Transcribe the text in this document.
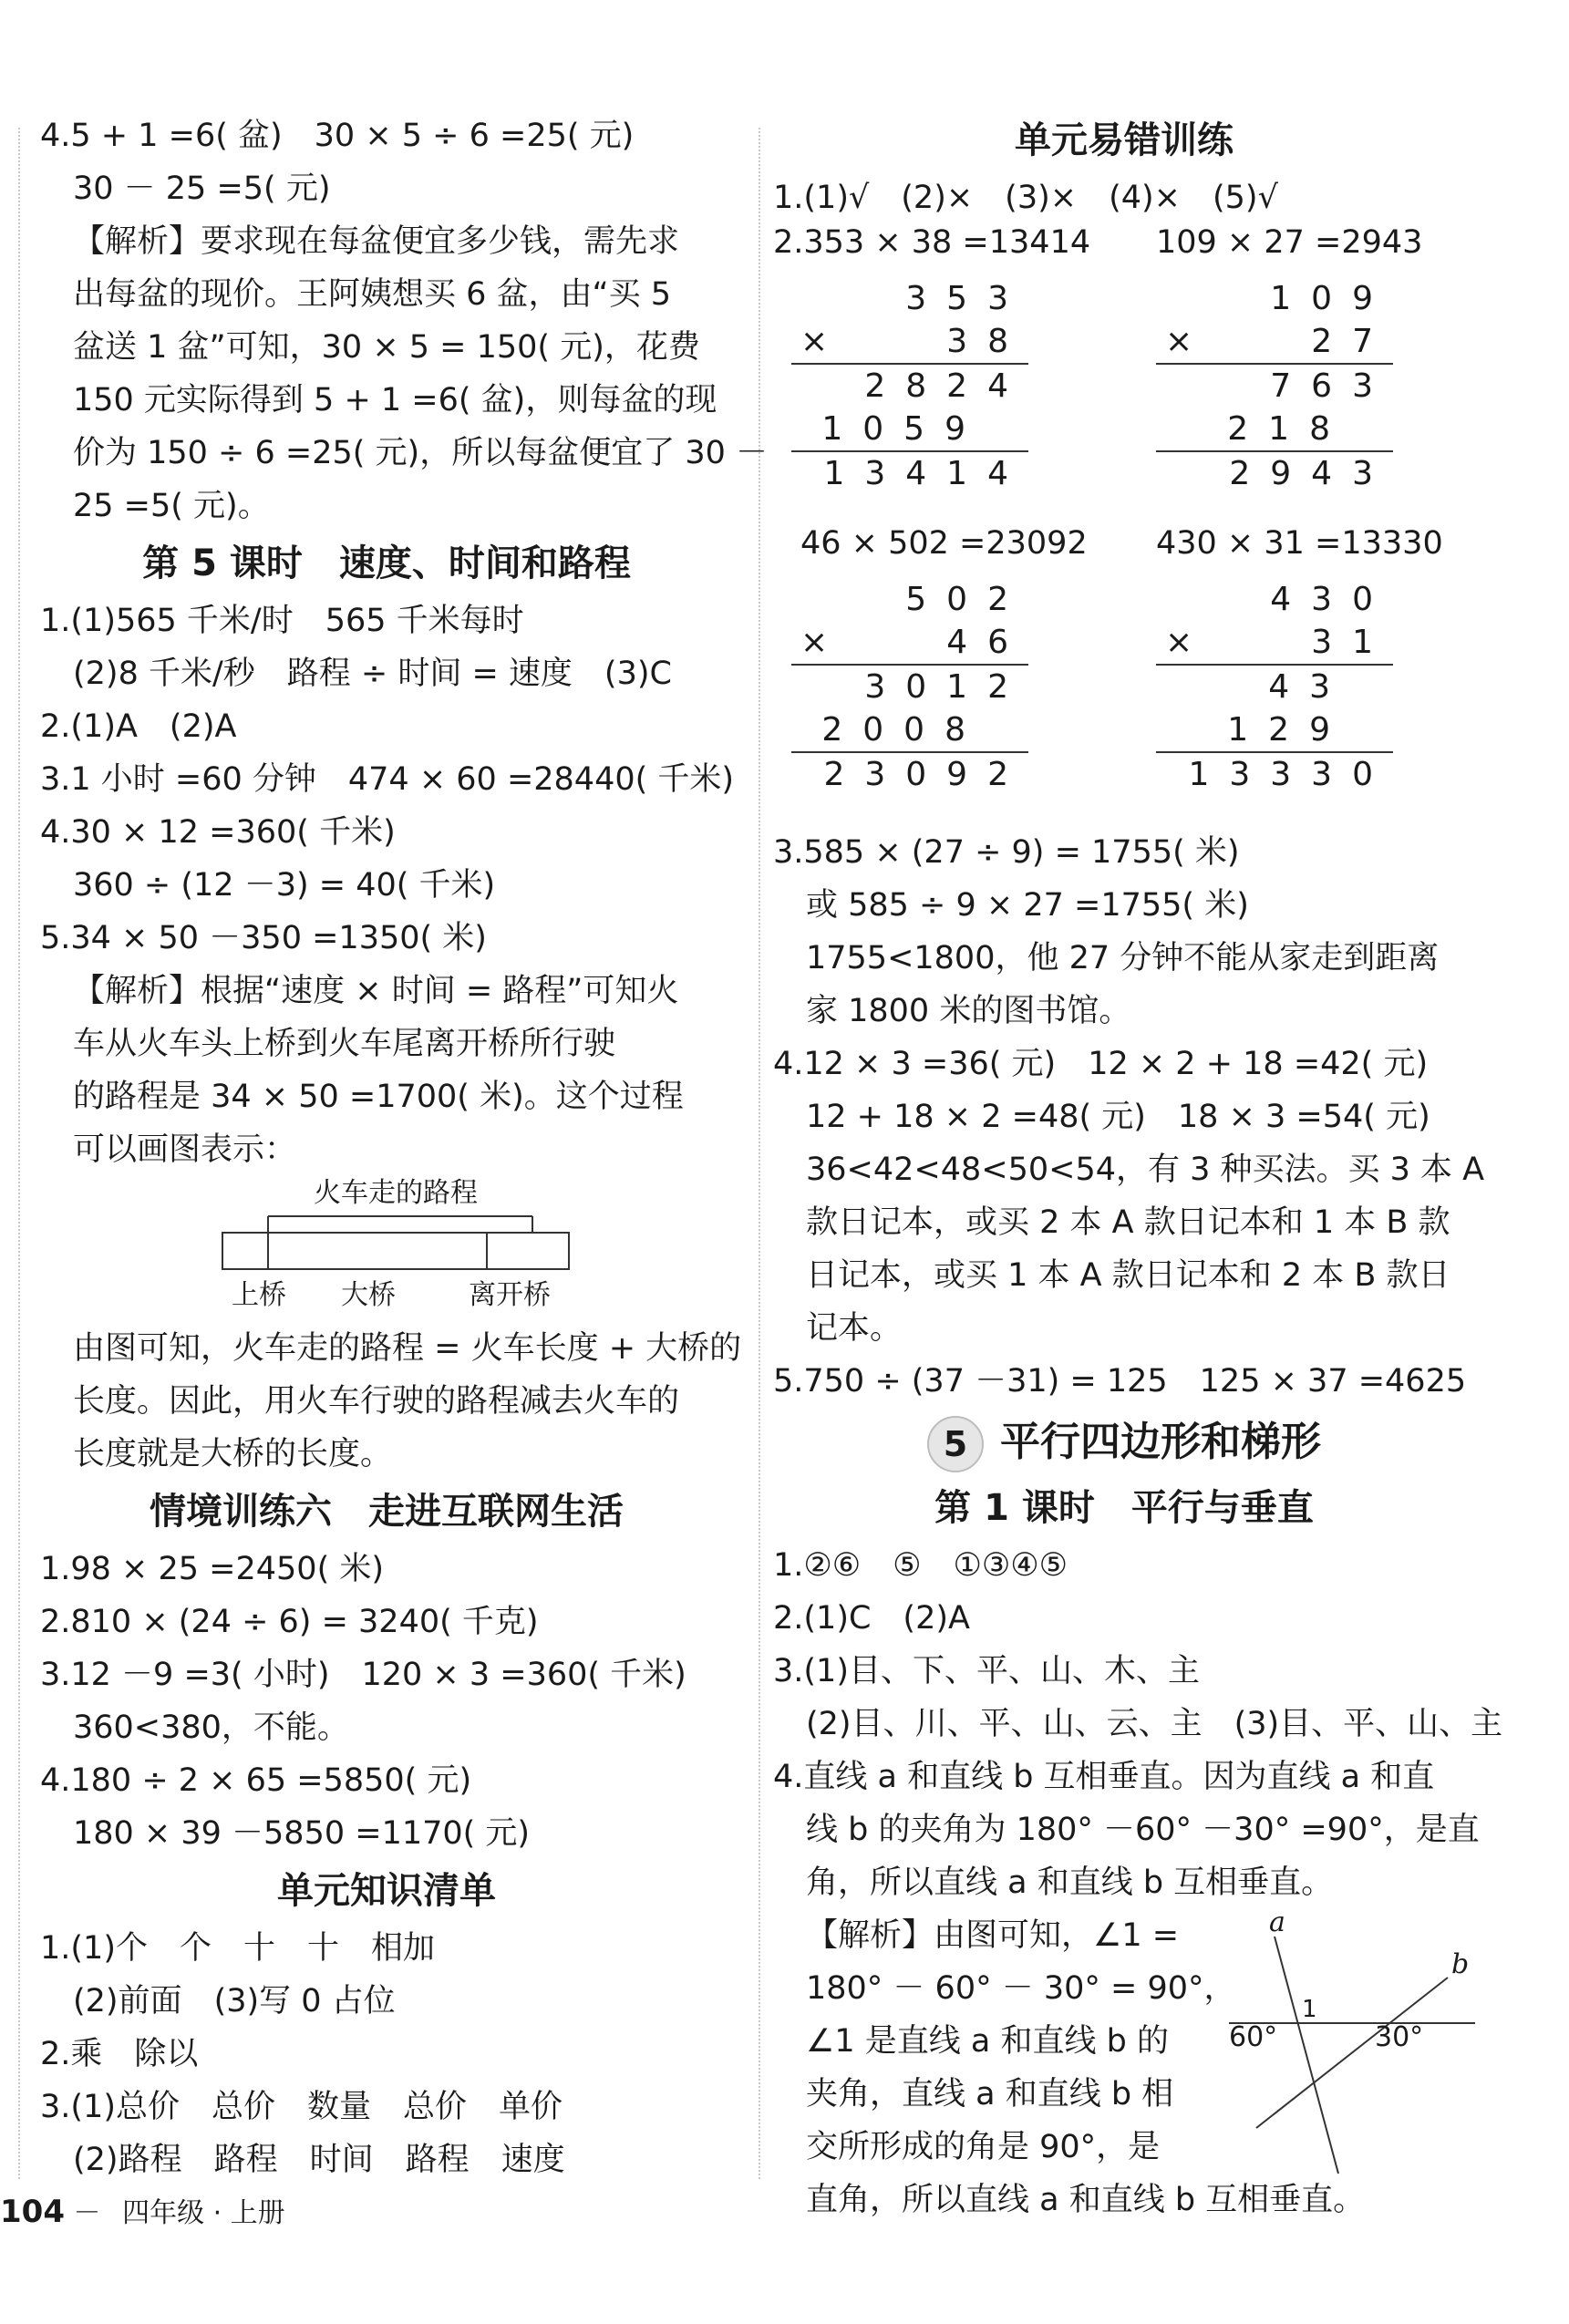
4.5 + 1 =6( 盆)　30 × 5 ÷ 6 =25( 元)
30 － 25 =5( 元)
【解析】要求现在每盆便宜多少钱，需先求
出每盆的现价。王阿姨想买 6 盆，由“买 5
盆送 1 盆”可知，30 × 5 = 150( 元)，花费
150 元实际得到 5 + 1 =6( 盆)，则每盆的现
价为 150 ÷ 6 =25( 元)，所以每盆便宜了 30 －
25 =5( 元)。
第 5 课时　速度、时间和路程
1.(1)565 千米/时　565 千米每时
(2)8 千米/秒　路程 ÷ 时间 = 速度　(3)C
2.(1)A　(2)A
3.1 小时 =60 分钟　474 × 60 =28440( 千米)
4.30 × 12 =360( 千米)
360 ÷ (12 －3) = 40( 千米)
5.34 × 50 －350 =1350( 米)
【解析】根据“速度 × 时间 = 路程”可知火
车从火车头上桥到火车尾离开桥所行驶
的路程是 34 × 50 =1700( 米)。这个过程
可以画图表示：
火车走的路程
上桥 大桥	离开桥
由图可知，火车走的路程 = 火车长度 + 大桥的
长度。因此，用火车行驶的路程减去火车的
长度就是大桥的长度。
情境训练六　走进互联网生活
1.98 × 25 =2450( 米)
2.810 × (24 ÷ 6) = 3240( 千克)
3.12 －9 =3( 小时)　120 × 3 =360( 千米)
360<380，不能。
4.180 ÷ 2 × 65 =5850( 元)
180 × 39 －5850 =1170( 元)
单元知识清单
1.(1)个　个　十　十　相加
(2)前面　(3)写 0 占位
2.乘　除以
3.(1)总价　总价　数量　总价　单价
(2)路程　路程　时间　路程　速度
单元易错训练
1.(1)√　(2)×　(3)×　(4)×　(5)√
2.353 × 38 =13414 109 × 27 =2943
353
× 38
2824
1059
13414
109
× 27
763
218
2943
46 × 502 =23092 430 × 31 =13330
502
× 46
3012
2008
23092
430
× 31
43
129
13330
3.585 × (27 ÷ 9) = 1755( 米)
或 585 ÷ 9 × 27 =1755( 米)
1755<1800，他 27 分钟不能从家走到距离
家 1800 米的图书馆。
4.12 × 3 =36( 元)　12 × 2 + 18 =42( 元)
12 + 18 × 2 =48( 元)　18 × 3 =54( 元)
36<42<48<50<54，有 3 种买法。买 3 本 A
款日记本，或买 2 本 A 款日记本和 1 本 B 款
日记本，或买 1 本 A 款日记本和 2 本 B 款日
记本。
5.750 ÷ (37 －31) = 125　125 × 37 =4625
5 平行四边形和梯形
第 1 课时　平行与垂直
1.②⑥　⑤　①③④⑤
2.(1)C　(2)A
3.(1)目、下、平、山、木、主
(2)目、川、平、山、云、主　(3)目、平、山、主
4.直线 a 和直线 b 互相垂直。因为直线 a 和直
线 b 的夹角为 180° －60° －30° =90°，是直
角，所以直线 a 和直线 b 互相垂直。
a
b
1
60°	30°
【解析】由图可知，∠1 =
180° － 60° － 30° = 90°，
∠1 是直线 a 和直线 b 的
夹角，直线 a 和直线 b 相
交所形成的角是 90°，是
直角，所以直线 a 和直线 b 互相垂直。
104 － 四年级 · 上册
